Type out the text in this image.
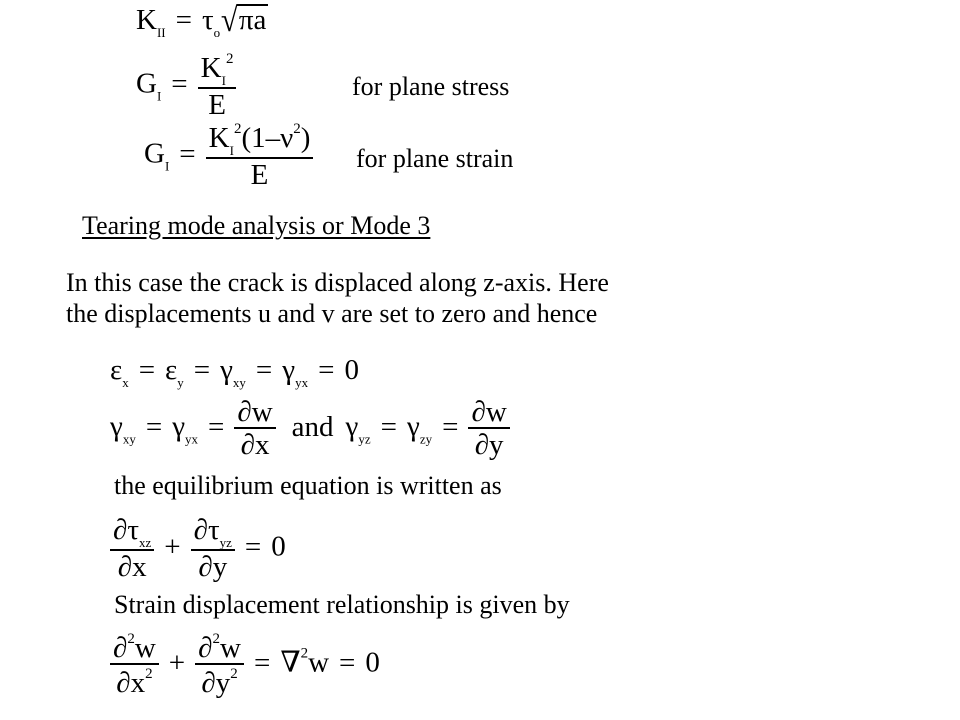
$K_{II} = \tau_o√\pi a$
$G_I = \frac{K_I^2}{E}$	for plane stress
$G_I = \frac{K_I^2(1-\nu^2)}{E}$ for plane strain
Tearing mode analysis or Mode 3
In this case the crack is displaced along z-axis. Here
the displacements u and v are set to zero and hence
$\varepsilon_x = \varepsilon_y = \gamma_{xy} = \gamma_{yx} = 0$
$\gamma_{xy} = \gamma_{yx} = \frac{\partial w}{\partial x}$ and $\gamma_{yz} = \gamma_{zy} = \frac{\partial w}{\partial y}$
the equilibrium equation is written as
$\frac{\partial\tau_{xz}}{\partial x} + \frac{\partial\tau_{yz}}{\partial y} = 0$
Strain displacement relationship is given by
$\frac{\partial^2w}{\partial x^2} + \frac{\partial^2w}{\partial y^2} = \nabla^2w = 0$
